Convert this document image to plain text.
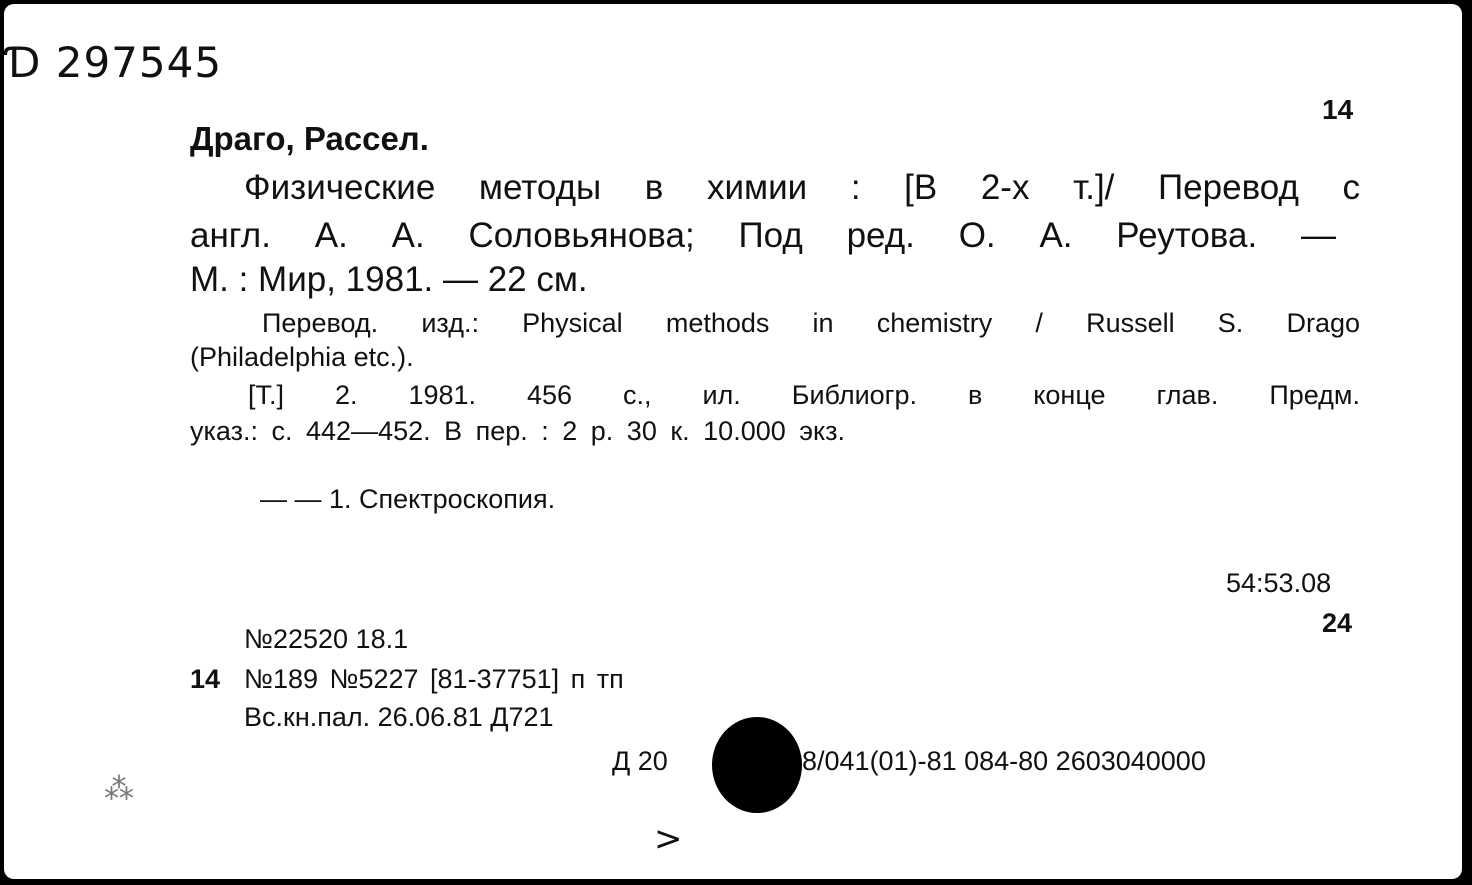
Ɗ 297545
14
Драго, Рассел.
Физические методы в химии : [В 2-х т.]/ Перевод с
англ. А. А. Соловьянова; Под ред. О. А. Реутова. —
М. : Мир, 1981. — 22 см.
Перевод. изд.: Physical methods in chemistry / Russell S. Drago
(Philadelphia etc.).
[Т.] 2. 1981. 456 с., ил. Библиогр. в конце глав. Предм.
указ.: с. 442—452. В пер. : 2 р. 30 к. 10.000 экз.
— — 1. Спектроскопия.
54:53.08
24
№22520 18.1
14 №189 №5227 [81-37751] п тп
Вс.кн.пал. 26.06.81 Д721
Д 20	8/041(01)-81 084-80 2603040000
⁂
>
